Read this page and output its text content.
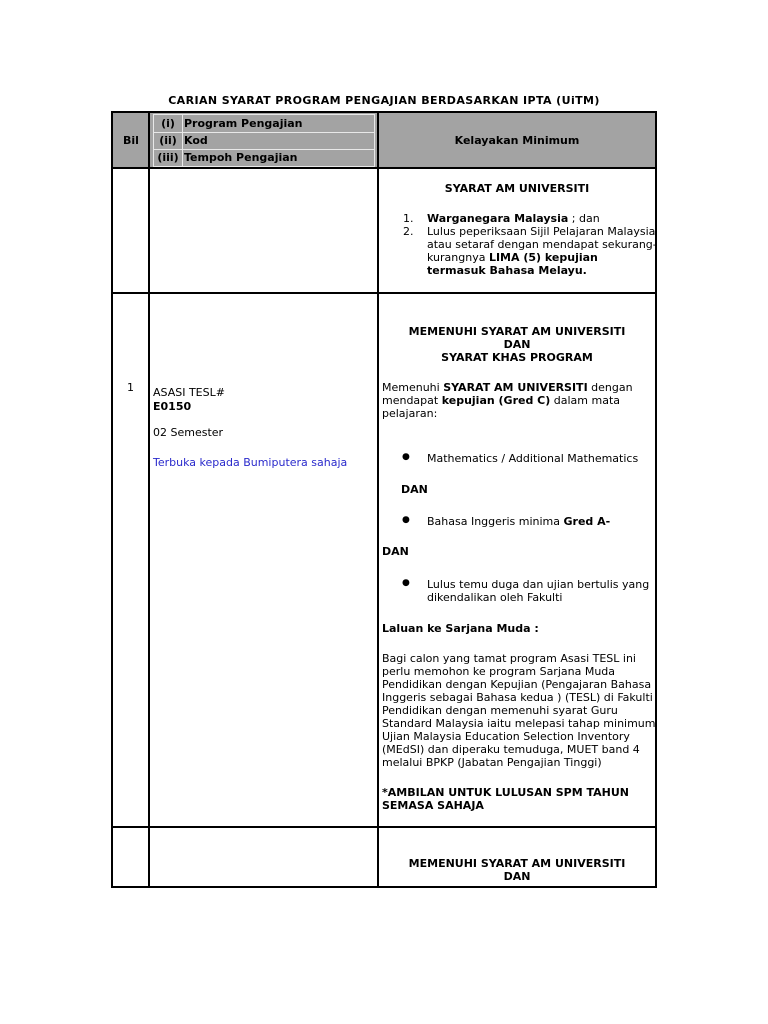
CARIAN SYARAT PROGRAM PENGAJIAN BERDASARKAN IPTA (UiTM)
Bil
(i) Program Pengajian
(ii) Kod
(iii) Tempoh Pengajian
Kelayakan Minimum
SYARAT AM UNIVERSITI
1. Warganegara Malaysia ; dan
2. Lulus peperiksaan Sijil Pelajaran Malaysia
atau setaraf dengan mendapat sekurang-
kurangnya LIMA (5) kepujian
termasuk Bahasa Melayu.
1 ASASI TESL#
E0150
02 Semester
Terbuka kepada Bumiputera sahaja
MEMENUHI SYARAT AM UNIVERSITI
DAN
SYARAT KHAS PROGRAM
Memenuhi SYARAT AM UNIVERSITI dengan
mendapat kepujian (Gred C) dalam mata
pelajaran:
● Mathematics / Additional Mathematics
DAN
● Bahasa Inggeris minima Gred A-
DAN
● Lulus temu duga dan ujian bertulis yang
dikendalikan oleh Fakulti
Laluan ke Sarjana Muda :
Bagi calon yang tamat program Asasi TESL ini
perlu memohon ke program Sarjana Muda
Pendidikan dengan Kepujian (Pengajaran Bahasa
Inggeris sebagai Bahasa kedua ) (TESL) di Fakulti
Pendidikan dengan memenuhi syarat Guru
Standard Malaysia iaitu melepasi tahap minimum
Ujian Malaysia Education Selection Inventory
(MEdSI) dan diperaku temuduga, MUET band 4
melalui BPKP (Jabatan Pengajian Tinggi)
*AMBILAN UNTUK LULUSAN SPM TAHUN
SEMASA SAHAJA
MEMENUHI SYARAT AM UNIVERSITI
DAN
